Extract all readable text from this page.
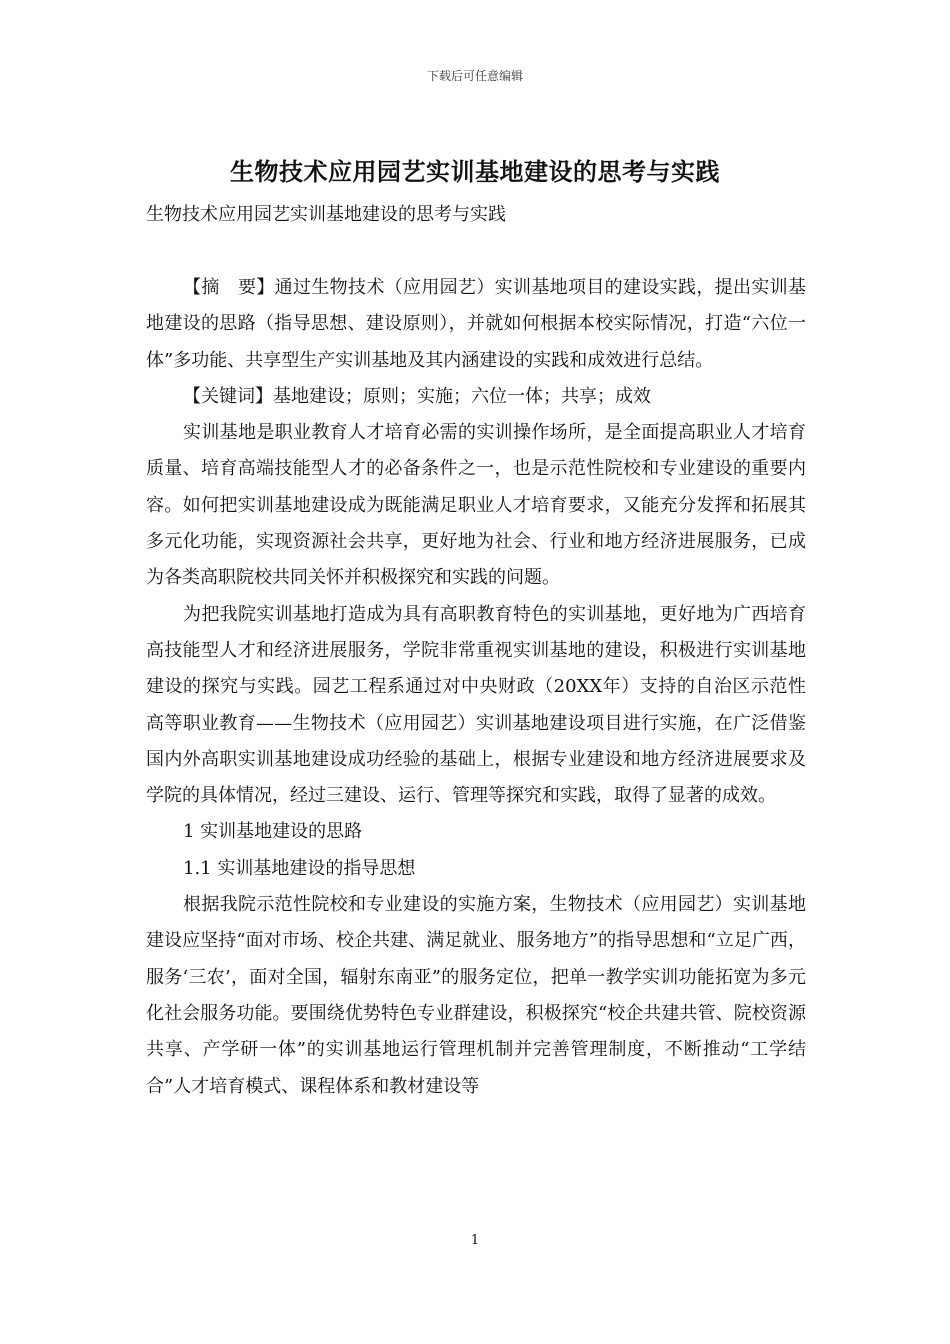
下载后可任意编辑
生物技术应用园艺实训基地建设的思考与实践
生物技术应用园艺实训基地建设的思考与实践

【摘　要】通过生物技术（应用园艺）实训基地项目的建设实践，提出实训基地建设的思路（指导思想、建设原则），并就如何根据本校实际情况，打造“六位一体”多功能、共享型生产实训基地及其内涵建设的实践和成效进行总结。

【关键词】基地建设；原则；实施；六位一体；共享；成效

实训基地是职业教育人才培育必需的实训操作场所，是全面提高职业人才培育质量、培育高端技能型人才的必备条件之一，也是示范性院校和专业建设的重要内容。如何把实训基地建设成为既能满足职业人才培育要求，又能充分发挥和拓展其多元化功能，实现资源社会共享，更好地为社会、行业和地方经济进展服务，已成为各类高职院校共同关怀并积极探究和实践的问题。

为把我院实训基地打造成为具有高职教育特色的实训基地，更好地为广西培育高技能型人才和经济进展服务，学院非常重视实训基地的建设，积极进行实训基地建设的探究与实践。园艺工程系通过对中央财政（20XX年）支持的自治区示范性高等职业教育——生物技术（应用园艺）实训基地建设项目进行实施，在广泛借鉴国内外高职实训基地建设成功经验的基础上，根据专业建设和地方经济进展要求及学院的具体情况，经过三建设、运行、管理等探究和实践，取得了显著的成效。

1 实训基地建设的思路

1.1 实训基地建设的指导思想

根据我院示范性院校和专业建设的实施方案，生物技术（应用园艺）实训基地建设应坚持“面对市场、校企共建、满足就业、服务地方”的指导思想和“立足广西，服务‘三农’，面对全国，辐射东南亚”的服务定位，把单一教学实训功能拓宽为多元化社会服务功能。要围绕优势特色专业群建设，积极探究“校企共建共管、院校资源共享、产学研一体”的实训基地运行管理机制并完善管理制度，不断推动“工学结合”人才培育模式、课程体系和教材建设等

1
